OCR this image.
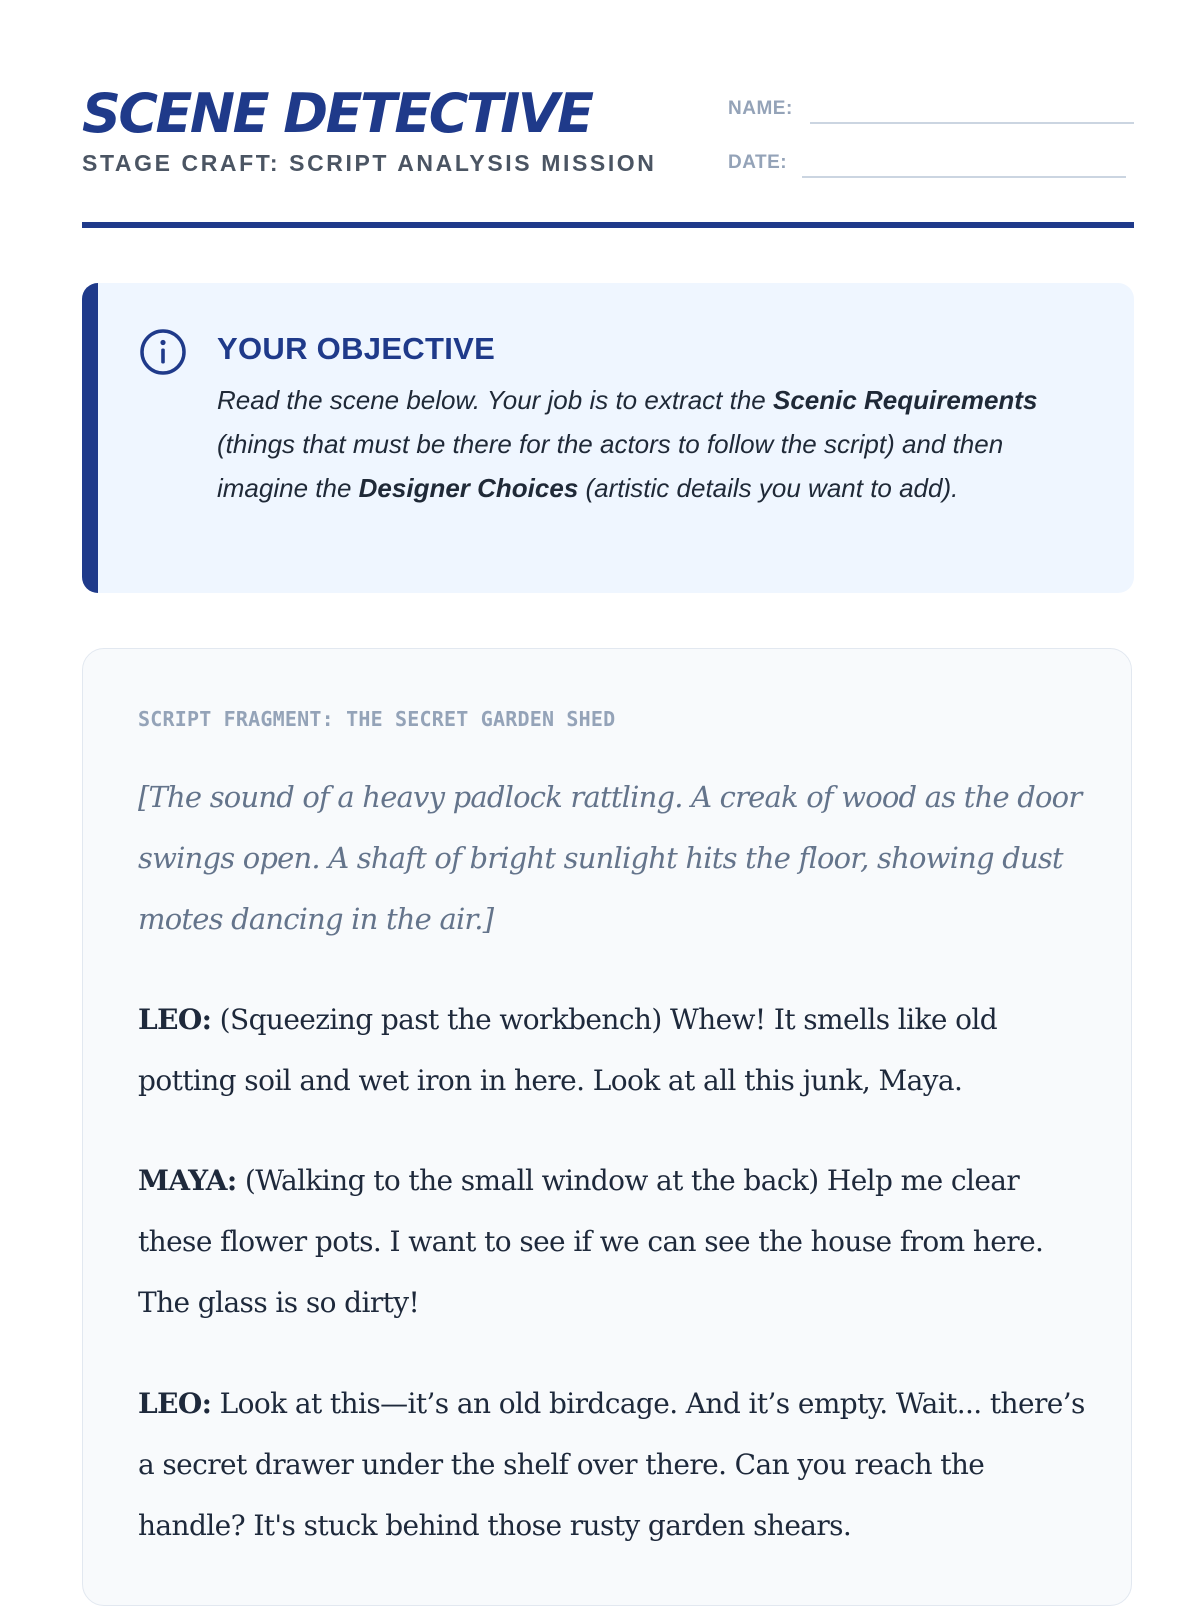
SCENE DETECTIVE
STAGE CRAFT: SCRIPT ANALYSIS MISSION
NAME:
DATE:
YOUR OBJECTIVE
Read the scene below. Your job is to extract the Scenic Requirements (things that must be there for the actors to follow the script) and then imagine the Designer Choices (artistic details you want to add).
SCRIPT FRAGMENT: THE SECRET GARDEN SHED
[The sound of a heavy padlock rattling. A creak of wood as the door swings open. A shaft of bright sunlight hits the floor, showing dust motes dancing in the air.]
LEO: (Squeezing past the workbench) Whew! It smells like old potting soil and wet iron in here. Look at all this junk, Maya.
MAYA: (Walking to the small window at the back) Help me clear these flower pots. I want to see if we can see the house from here. The glass is so dirty!
LEO: Look at this—it’s an old birdcage. And it’s empty. Wait... there’s a secret drawer under the shelf over there. Can you reach the handle? It's stuck behind those rusty garden shears.
